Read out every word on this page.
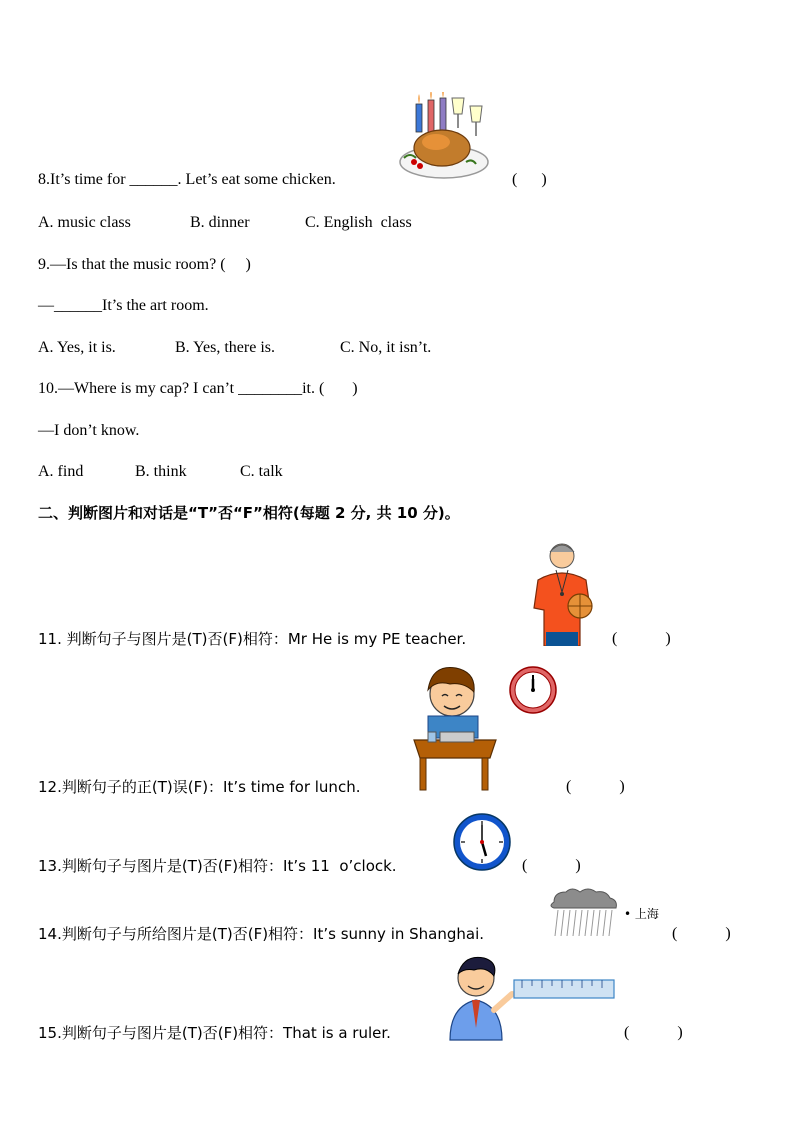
8.It’s time for ______. Let’s eat some chicken.	(      )
A. music class	B. dinner	C. English  class
9.—Is that the music room? (     )
—______It’s the art room.
A. Yes, it is.	B. Yes, there is.	C. No, it isn’t.
10.—Where is my cap? I can’t ________it. (       )
—I don’t know.
A. find	B. think	C. talk
二、判断图片和对话是“T”否“F”相符(每题 2 分, 共 10 分)。
11. 判断句子与图片是(T)否(F)相符：Mr He is my PE teacher.	(            )
12.判断句子的正(T)误(F)：It’s time for lunch.	(            )
13.判断句子与图片是(T)否(F)相符：It’s 11  o’clock.	(            )
• 上海
14.判断句子与所给图片是(T)否(F)相符：It’s sunny in Shanghai.	(            )
15.判断句子与图片是(T)否(F)相符：That is a ruler.	(            )
